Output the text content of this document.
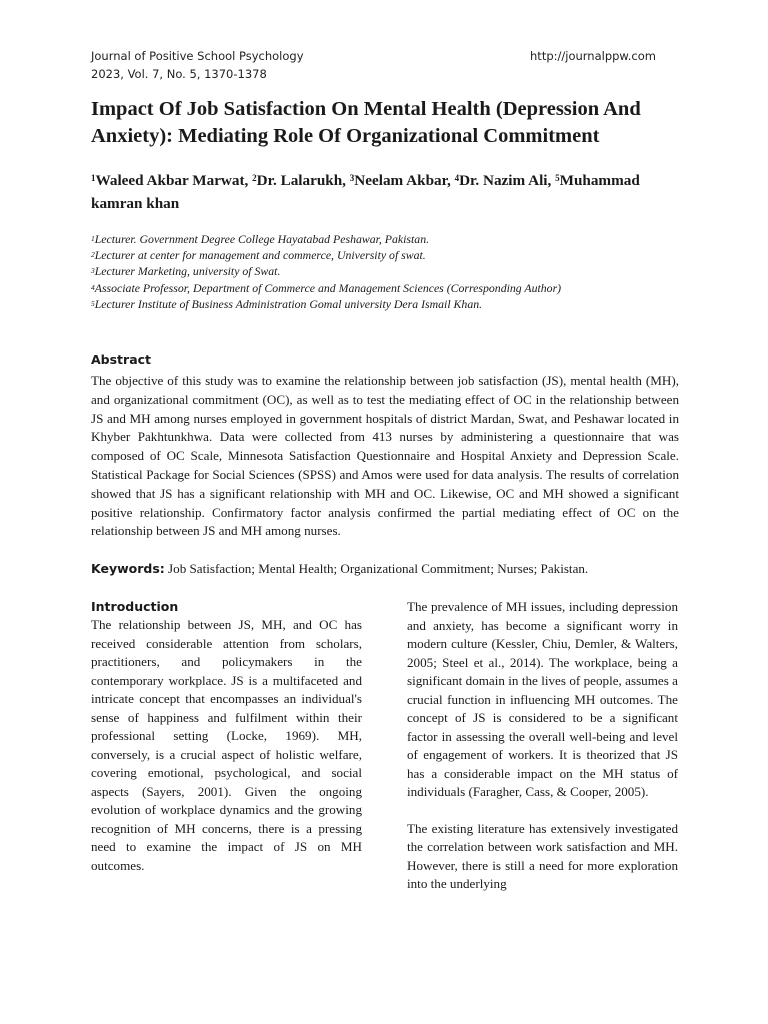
Journal of Positive School Psychology	http://journalppw.com
2023, Vol. 7, No. 5, 1370-1378
Impact Of Job Satisfaction On Mental Health (Depression And Anxiety): Mediating Role Of Organizational Commitment
$^1$Waleed Akbar Marwat, $^2$Dr. Lalarukh, $^3$Neelam Akbar, $^4$Dr. Nazim Ali, $^5$Muhammad kamran khan
$^1$Lecturer. Government Degree College Hayatabad Peshawar, Pakistan.
$^2$Lecturer at center for management and commerce, University of swat.
$^3$Lecturer Marketing, university of Swat.
$^4$Associate Professor, Department of Commerce and Management Sciences (Corresponding Author)
$^5$Lecturer Institute of Business Administration Gomal university Dera Ismail Khan.
Abstract

The objective of this study was to examine the relationship between job satisfaction (JS), mental health (MH), and organizational commitment (OC), as well as to test the mediating effect of OC in the relationship between JS and MH among nurses employed in government hospitals of district Mardan, Swat, and Peshawar located in Khyber Pakhtunkhwa. Data were collected from 413 nurses by administering a questionnaire that was composed of OC Scale, Minnesota Satisfaction Questionnaire and Hospital Anxiety and Depression Scale. Statistical Package for Social Sciences (SPSS) and Amos were used for data analysis. The results of correlation showed that JS has a significant relationship with MH and OC. Likewise, OC and MH showed a significant positive relationship. Confirmatory factor analysis confirmed the partial mediating effect of OC on the relationship between JS and MH among nurses.

Keywords: Job Satisfaction; Mental Health; Organizational Commitment; Nurses; Pakistan.
Introduction

The relationship between JS, MH, and OC has received considerable attention from scholars, practitioners, and policymakers in the contemporary workplace. JS is a multifaceted and intricate concept that encompasses an individual's sense of happiness and fulfilment within their professional setting (Locke, 1969). MH, conversely, is a crucial aspect of holistic welfare, covering emotional, psychological, and social aspects (Sayers, 2001). Given the ongoing evolution of workplace dynamics and the growing recognition of MH concerns, there is a pressing need to examine the impact of JS on MH outcomes.

The prevalence of MH issues, including depression and anxiety, has become a significant worry in modern culture (Kessler, Chiu, Demler, & Walters, 2005; Steel et al., 2014). The workplace, being a significant domain in the lives of people, assumes a crucial function in influencing MH outcomes. The concept of JS is considered to be a significant factor in assessing the overall well-being and level of engagement of workers. It is theorized that JS has a considerable impact on the MH status of individuals (Faragher, Cass, & Cooper, 2005).

The existing literature has extensively investigated the correlation between work satisfaction and MH. However, there is still a need for more exploration into the underlying
